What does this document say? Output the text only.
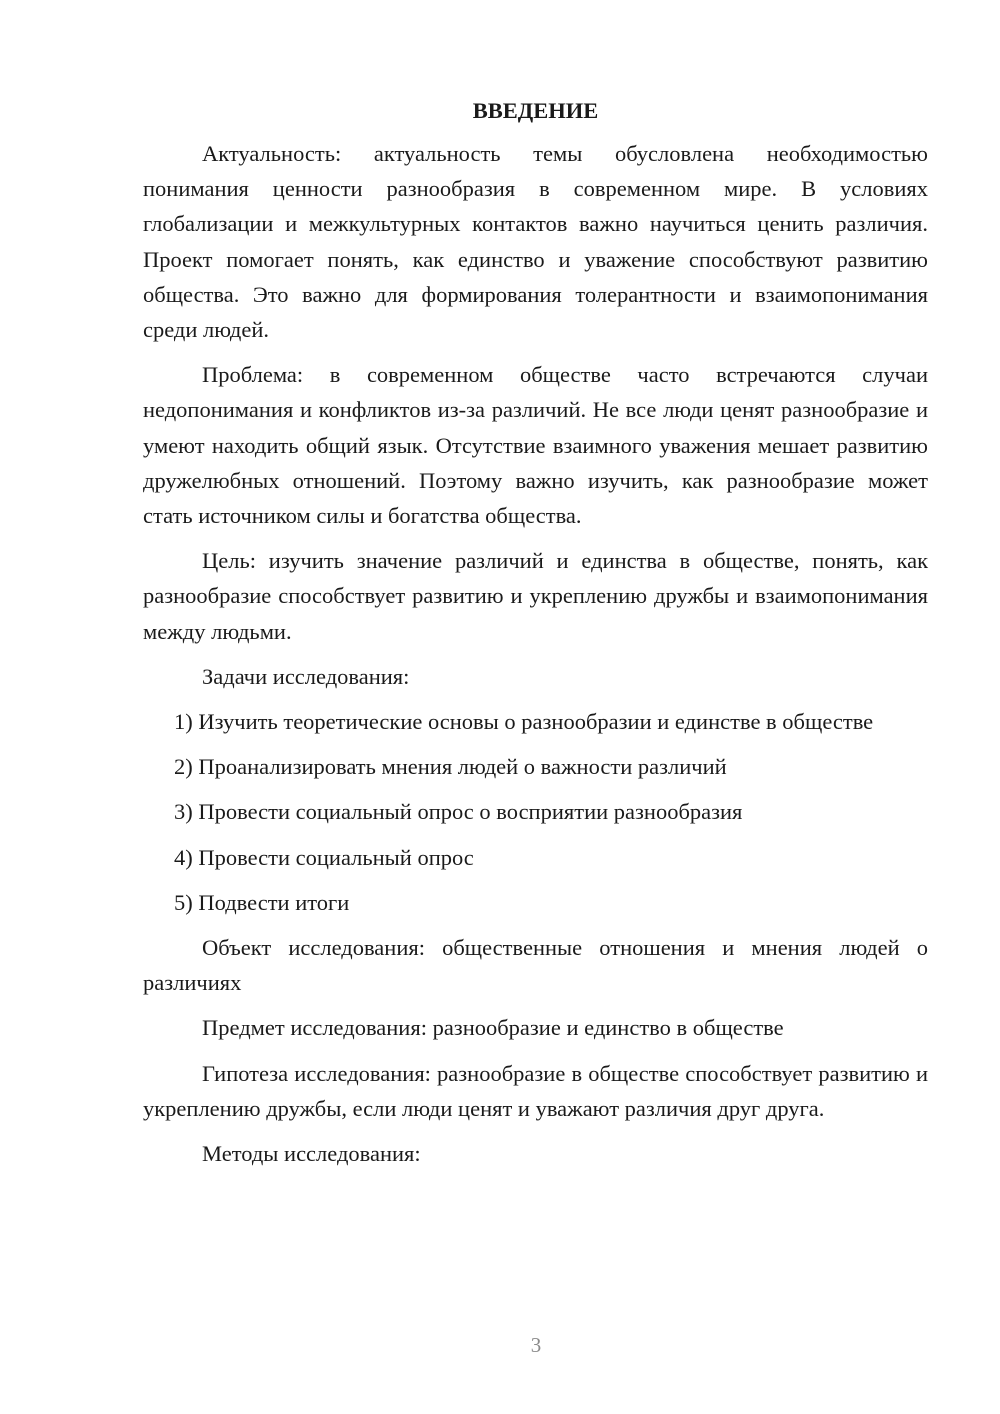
ВВЕДЕНИЕ

Актуальность: актуальность темы обусловлена необходимостью понимания ценности разнообразия в современном мире. В условиях глобализации и межкультурных контактов важно научиться ценить различия. Проект помогает понять, как единство и уважение способствуют развитию общества. Это важно для формирования толерантности и взаимопонимания среди людей.

Проблема: в современном обществе часто встречаются случаи недопонимания и конфликтов из-за различий. Не все люди ценят разнообразие и умеют находить общий язык. Отсутствие взаимного уважения мешает развитию дружелюбных отношений. Поэтому важно изучить, как разнообразие может стать источником силы и богатства общества.

Цель: изучить значение различий и единства в обществе, понять, как разнообразие способствует развитию и укреплению дружбы и взаимопонимания между людьми.

Задачи исследования:

1) Изучить теоретические основы о разнообразии и единстве в обществе

2) Проанализировать мнения людей о важности различий

3) Провести социальный опрос о восприятии разнообразия

4) Провести социальный опрос

5) Подвести итоги

Объект исследования: общественные отношения и мнения людей о различиях

Предмет исследования: разнообразие и единство в обществе

Гипотеза исследования: разнообразие в обществе способствует развитию и укреплению дружбы, если люди ценят и уважают различия друг друга.

Методы исследования:

3
